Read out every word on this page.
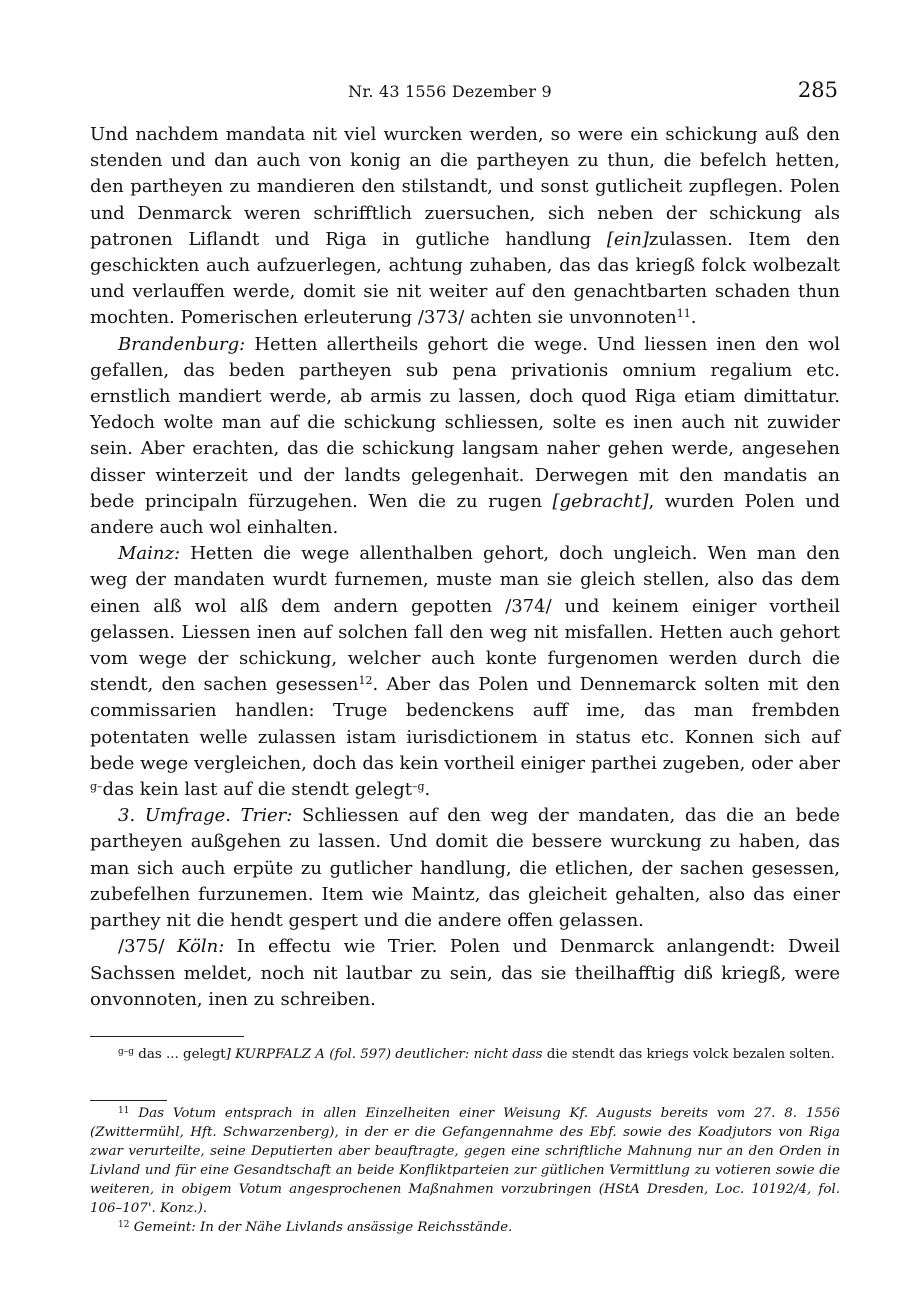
Nr. 43 1556 Dezember 9	285

Und nachdem mandata nit viel wurcken werden, so were ein schickung auß den stenden und dan auch von konig an die partheyen zu thun, die befelch hetten, den partheyen zu mandieren den stilstandt, und sonst gutlicheit zupflegen. Polen und Denmarck weren schrifftlich zuersuchen, sich neben der schickung als patronen Liflandt und Riga in gutliche handlung [ein]zulassen. Item den geschickten auch aufzuerlegen, achtung zuhaben, das das kriegß folck wolbezalt und verlauffen werde, domit sie nit weiter auf den genachtbarten schaden thun mochten. Pomerischen erleuterung /373/ achten sie unvonnoten$^{11}$.

Brandenburg: Hetten allertheils gehort die wege. Und liessen inen den wol gefallen, das beden partheyen sub pena privationis omnium regalium etc. ernstlich mandiert werde, ab armis zu lassen, doch quod Riga etiam dimittatur. Yedoch wolte man auf die schickung schliessen, solte es inen auch nit zuwider sein. Aber erachten, das die schickung langsam naher gehen werde, angesehen disser winterzeit und der landts gelegenhait. Derwegen mit den mandatis an bede principaln fürzugehen. Wen die zu rugen [gebracht], wurden Polen und andere auch wol einhalten.

Mainz: Hetten die wege allenthalben gehort, doch ungleich. Wen man den weg der mandaten wurdt furnemen, muste man sie gleich stellen, also das dem einen alß wol alß dem andern gepotten /374/ und keinem einiger vortheil gelassen. Liessen inen auf solchen fall den weg nit misfallen. Hetten auch gehort vom wege der schickung, welcher auch konte furgenomen werden durch die stendt, den sachen gesessen$^{12}$. Aber das Polen und Dennemarck solten mit den commissarien handlen: Truge bedenckens auff ime, das man frembden potentaten welle zulassen istam iurisdictionem in status etc. Konnen sich auf bede wege vergleichen, doch das kein vortheil einiger parthei zugeben, oder aber $^{g-}$das kein last auf die stendt gelegt$^{-g}$.

3. Umfrage. Trier: Schliessen auf den weg der mandaten, das die an bede partheyen außgehen zu lassen. Und domit die bessere wurckung zu haben, das man sich auch erpüte zu gutlicher handlung, die etlichen, der sachen gesessen, zubefelhen furzunemen. Item wie Maintz, das gleicheit gehalten, also das einer parthey nit die hendt gespert und die andere offen gelassen.

/375/ Köln: In effectu wie Trier. Polen und Denmarck anlangendt: Dweil Sachssen meldet, noch nit lautbar zu sein, das sie theilhafftig diß kriegß, were onvonnoten, inen zu schreiben.

$^{g-g}$ das ... gelegt] KURPFALZ A (fol. 597) deutlicher: nicht dass die stendt das kriegs volck bezalen solten.

$^{11}$ Das Votum entsprach in allen Einzelheiten einer Weisung Kf. Augusts bereits vom 27. 8. 1556 (Zwittermühl, Hft. Schwarzenberg), in der er die Gefangennahme des Ebf. sowie des Koadjutors von Riga zwar verurteilte, seine Deputierten aber beauftragte, gegen eine schriftliche Mahnung nur an den Orden in Livland und für eine Gesandtschaft an beide Konfliktparteien zur gütlichen Vermittlung zu votieren sowie die weiteren, in obigem Votum angesprochenen Maßnahmen vorzubringen (HStA Dresden, Loc. 10192/4, fol. 106–107'. Konz.).

$^{12}$ Gemeint: In der Nähe Livlands ansässige Reichsstände.
